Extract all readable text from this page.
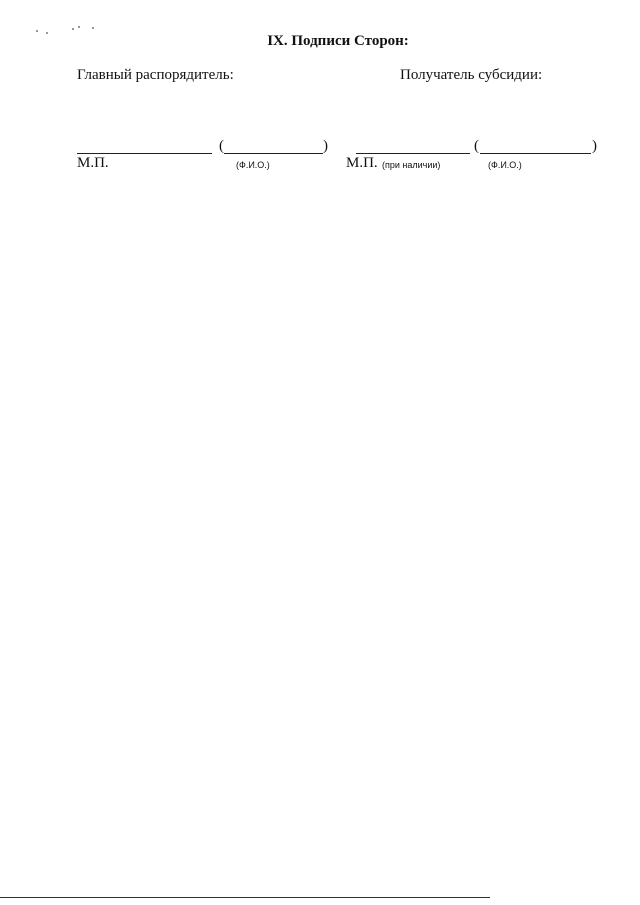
IX. Подписи Сторон:
Главный распорядитель:	Получатель субсидии:
(	)
М.П.	(Ф.И.О.)
(	)
М.П. (при наличии)	(Ф.И.О.)
